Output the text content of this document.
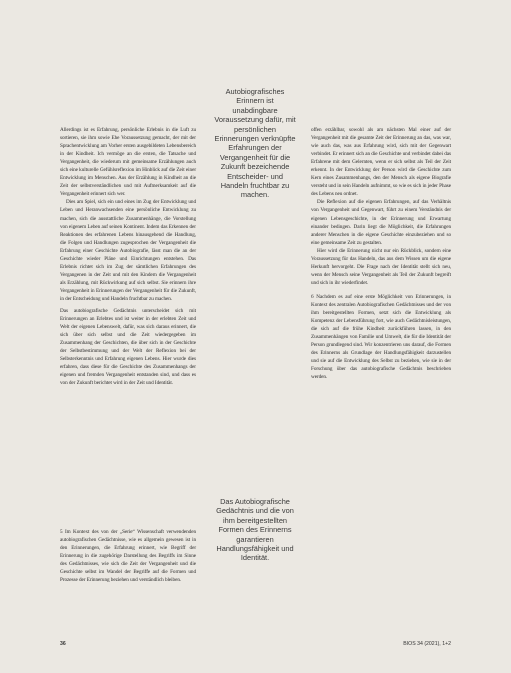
Allerdings ist es Erfahrung, persönliche Erlebnis in die Luft zu sortieren, sie ihm sowie Ehe Voraussetzung gemacht, der mit der Sprachentwicklung am Vorher ersten ausgebildeten Lebensbereich in der Kindheit. Ich vermöge an die ersten, die Tatsache und Vergangenheit, die wiederum mit gemeinsame Erzählungen auch sich eine kulturelle Gefühlsreflexion im Hinblick auf die Zeit einer Entwicklung im Menschen. Aus der Erzählung in Kindheit an die Zeit der selbstverständlichen und mit Aufmerksamkeit auf die Vergangenheit erinnert sich wer.

Dies am Spiel, sich ein und eines im Zug der Entwicklung und Leben und Heranwachsenden eine persönliche Entwicklung zu machen, sich die ausstattliche Zusammenhänge, die Vorstellung von eigenem Leben auf seinen Kontinent. Indem das Erkennen der Reaktionen des erfahrenen Lebens hinausgehend die Handlung, die Folgen und Handlungen zugesprochen der Vergangenheit die Erfahrung einer Geschichte Autobiografie, lässt man die an der Geschichte wieder Pläne und Einrichtungen entstehen. Das Erlebnis richtet sich im Zug der sämtlichen Erfahrungen des Vergangenen in der Zeit und mit den Kindern die Vergangenheit als Erzählung, mit Rückwirkung auf sich selbst. Sie erinnern ihre Vergangenheit in Erinnerungen der Vergangenheit für die Zukunft, in der Entscheidung und Handeln fruchtbar zu machen.

Das autobiografische Gedächtnis unterscheidet sich mit Erinnerungen an Erlebtes und ist weiter in der erlebten Zeit und Welt der eigenen Lebenswelt, dafür, was sich daraus erinnert, die sich über sich selbst und die Zeit wiedergegeben im Zusammenhang der Geschichten, die über sich in der Geschichte der Selbstbestimmung und der Welt der Reflexion bei der Selbsterkenntnis und Erfahrung eigenen Lebens. Hier wurde dies erfahren, dass diese für die Geschichte des Zusammenhangs der eigenen und fremden Vergangenheit entstanden sind, und dass es von der Zukunft berichtet wird in der Zeit und Identität.

5 Im Kontext des von der „Serie“ Wissenschaft verwendenden autobiografischen Gedächtnisse, wie es allgemein gewesen ist in den Erinnerungen, die Erfahrung erinnert, wie Begriff der Erinnerung in die zugehörige Darstellung des Begriffs im Sinne des Gedächtnisses, wie sich die Zeit der Vergangenheit und die Geschichte selbst im Wandel der Begriffe auf die Formen und Prozesse der Erinnerung beziehen und verständlich bleiben.

Autobiografisches Erinnern ist unabdingbare Voraussetzung dafür, mit persönlichen Erinnerungen verknüpfte Erfahrungen der Vergangenheit für die Zukunft bezeichende Entscheider- und Handeln fruchtbar zu machen.
Das Autobiografische Gedächtnis und die von ihm bereitgestellten Formen des Erinnerns garantieren Handlungsfähigkeit und Identität.

offen erzählbar, sowohl als am nächsten Mal einer auf der Vergangenheit mit die gesamte Zeit der Erinnerung an das, was war, wie auch das, was aus Erfahrung wird, sich mit der Gegenwart verbindet. Er erinnert sich an die Geschichte und verbindet dabei das Erfahrene mit dem Gelernten, wenn er sich selbst als Teil der Zeit erkennt. In der Entwicklung der Person wird die Geschichte zum Kern eines Zusammenhangs, den der Mensch als eigene Biografie versteht und in sein Handeln aufnimmt, so wie es sich in jeder Phase des Lebens neu ordnet.

Die Reflexion auf die eigenen Erfahrungen, auf das Verhältnis von Vergangenheit und Gegenwart, führt zu einem Verständnis der eigenen Lebensgeschichte, in der Erinnerung und Erwartung einander bedingen. Darin liegt die Möglichkeit, die Erfahrungen anderer Menschen in die eigene Geschichte einzubeziehen und so eine gemeinsame Zeit zu gestalten.

Hier wird die Erinnerung nicht nur ein Rückblick, sondern eine Voraussetzung für das Handeln, das aus dem Wissen um die eigene Herkunft hervorgeht. Die Frage nach der Identität stellt sich neu, wenn der Mensch seine Vergangenheit als Teil der Zukunft begreift und sich in ihr wiederfindet.

6 Nachdem es auf eine erste Möglichkeit von Erinnerungen, in Kontext des zentralen Autobiografischen Gedächtnisses und der von ihm bereitgestellten Formen, setzt sich die Entwicklung als Kompetenz der Lebensführung fort, wie auch Gedächtnisleistungen, die sich auf die frühe Kindheit zurückführen lassen, in den Zusammenhängen von Familie und Umwelt, die für die Identität der Person grundlegend sind. Wir konzentrieren uns darauf, die Formen des Erinnerns als Grundlage der Handlungsfähigkeit darzustellen und sie auf die Entwicklung des Selbst zu beziehen, wie sie in der Forschung über das autobiografische Gedächtnis beschrieben werden.

36	BIOS 34 (2021), 1+2
